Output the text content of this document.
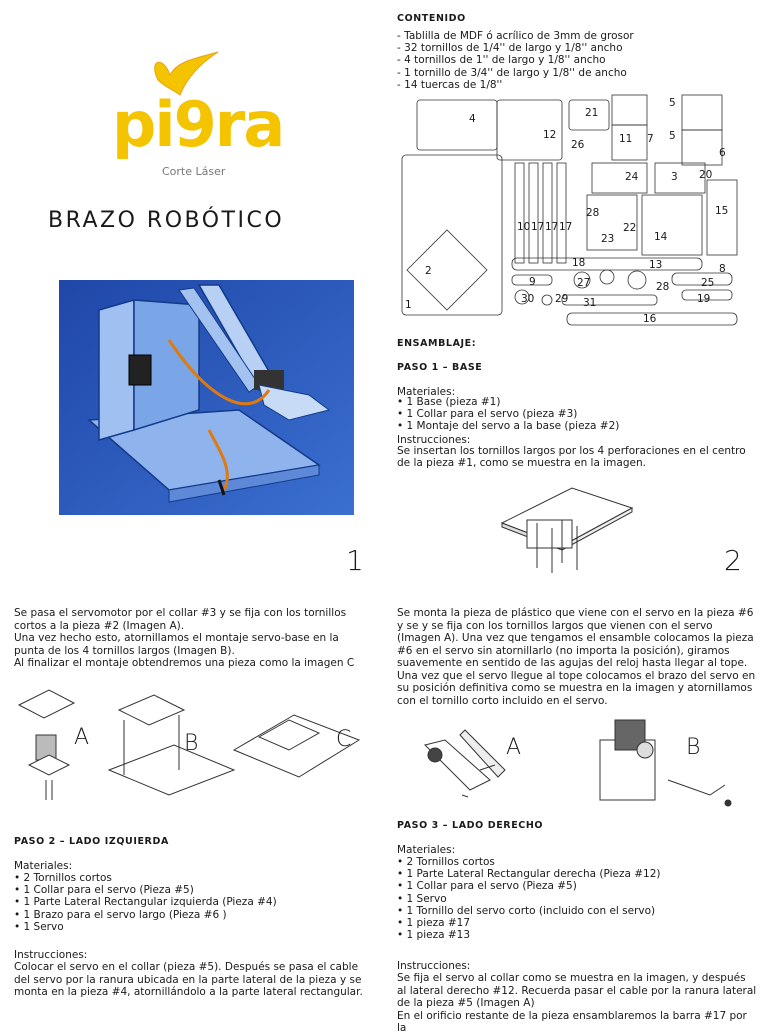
pi9ra
Corte Láser
BRAZO ROBÓTICO
1	2
CONTENIDO
- Tablilla de MDF ó acrílico de 3mm de grosor
- 32 tornillos de 1/4'' de largo y 1/8'' ancho
- 4 tornillos de 1'' de largo y 1/8'' ancho
- 1 tornillo de 3/4'' de largo y 1/8'' de ancho
- 14 tuercas de 1/8''
4
12
21
5
5
11 7
6
26
24	3 20
15
28
22
23	14
1
2
10 17 17 17
18	13
9	27	28	25
30 29 31	19
16
8
ENSAMBLAJE:
PASO 1 – BASE
Materiales:
• 1 Base (pieza #1)
• 1 Collar para el servo (pieza #3)
• 1 Montaje del servo a la base (pieza #2)
Instrucciones:
Se insertan los tornillos largos por los 4 perforaciones en el centro de la pieza #1, como se muestra en la imagen.
Se pasa el servomotor por el collar #3 y se fija con los tornillos cortos a la pieza #2 (Imagen A).
Una vez hecho esto, atornillamos el montaje servo-base en la punta de los 4 tornillos largos (Imagen B).
Al finalizar el montaje obtendremos una pieza como la imagen C
A	B	C
PASO 2 – LADO IZQUIERDA
Materiales:
• 2 Tornillos cortos
• 1 Collar para el servo (Pieza #5)
• 1 Parte Lateral Rectangular izquierda (Pieza #4)
• 1 Brazo para el servo largo (Pieza #6 )
• 1 Servo
Instrucciones:
Colocar el servo en el collar (pieza #5). Después se pasa el cable del servo por la ranura ubicada en la parte lateral de la pieza y se monta en la pieza #4, atornillándolo a la parte lateral rectangular.
Se monta la pieza de plástico que viene con el servo en la pieza #6 y se y se fija con los tornillos largos que vienen con el servo (Imagen A). Una vez que tengamos el ensamble colocamos la pieza #6 en el servo sin atornillarlo (no importa la posición), giramos suavemente en sentido de las agujas del reloj hasta llegar al tope. Una vez que el servo llegue al tope colocamos el brazo del servo en su posición definitiva como se muestra en la imagen y atornillamos con el tornillo corto incluido en el servo.
A	B
PASO 3 – LADO DERECHO
Materiales:
• 2 Tornillos cortos
• 1 Parte Lateral Rectangular derecha (Pieza #12)
• 1 Collar para el servo (Pieza #5)
• 1 Servo
• 1 Tornillo del servo corto (incluido con el servo)
• 1 pieza #17
• 1 pieza #13
Instrucciones:
Se fija el servo al collar como se muestra en la imagen, y después al lateral derecho #12. Recuerda pasar el cable por la ranura lateral de la pieza #5 (Imagen A)
En el orificio restante de la pieza ensamblaremos la barra #17 por la
